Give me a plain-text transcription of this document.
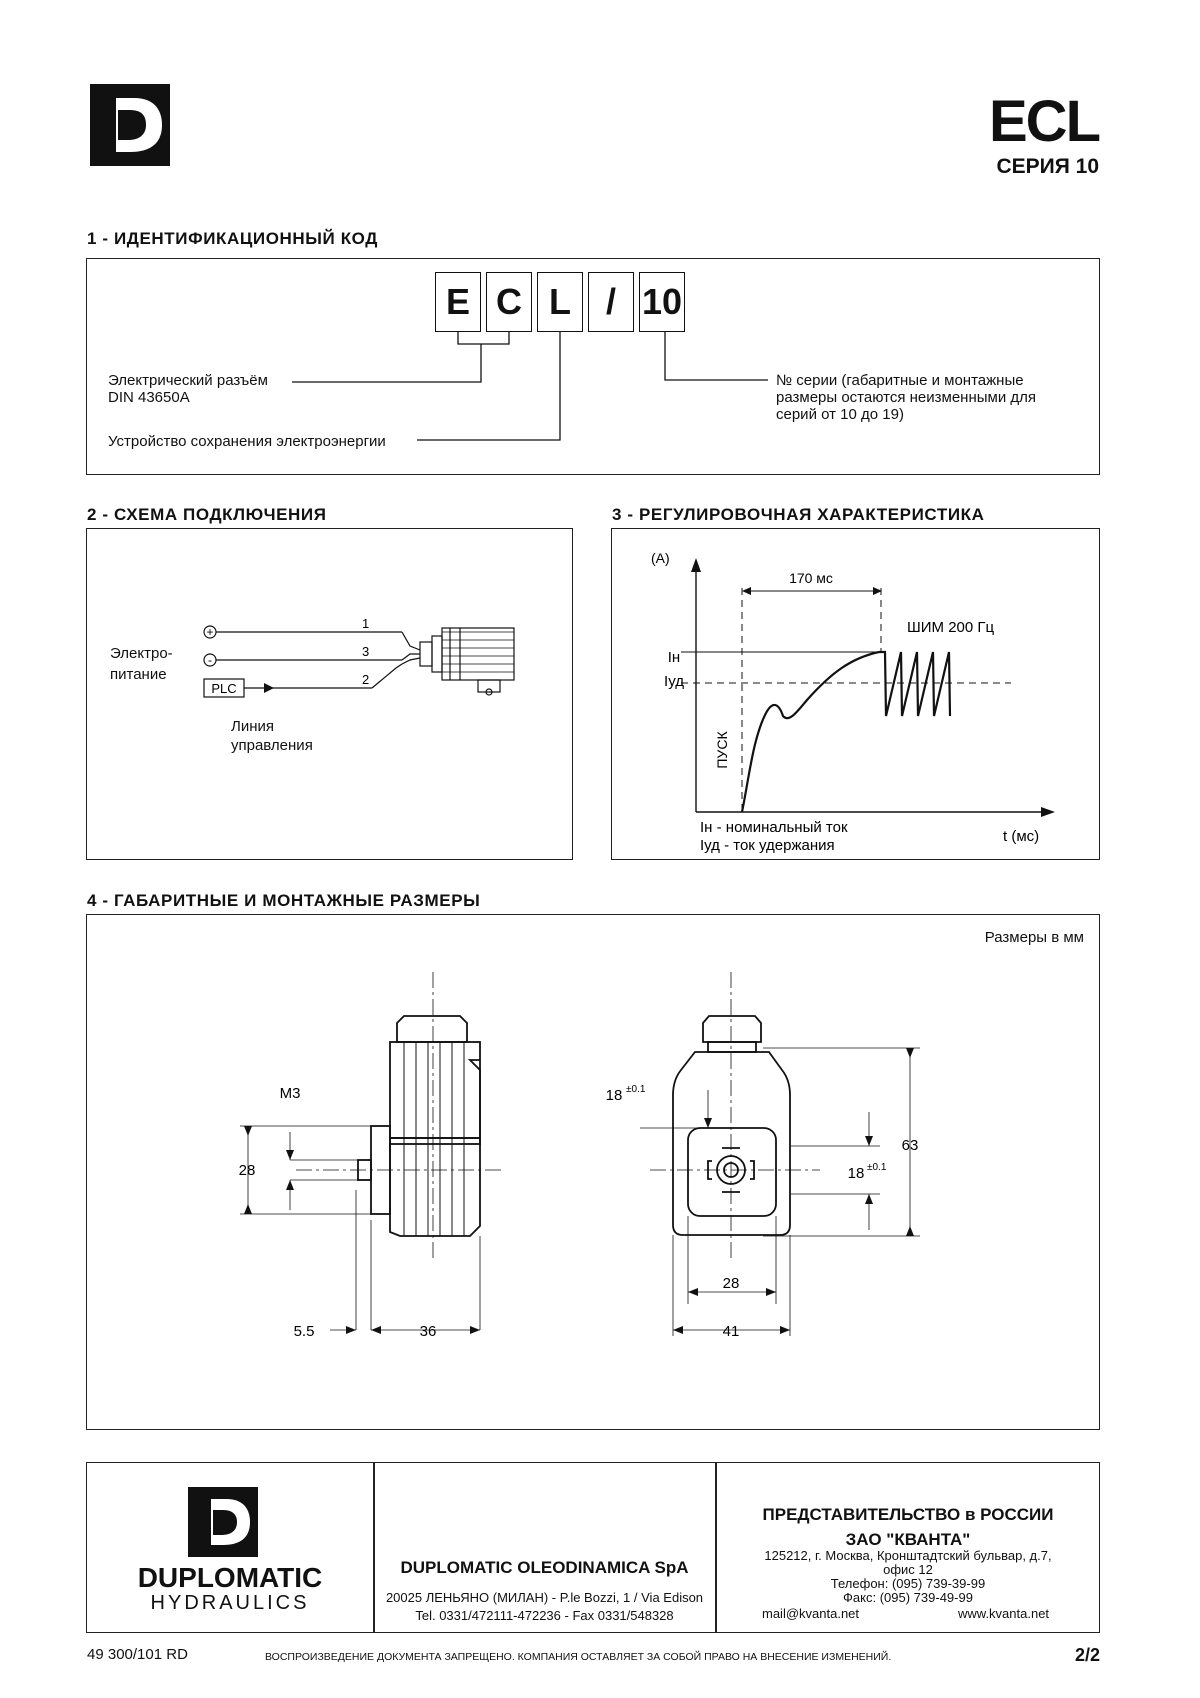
ECL
СЕРИЯ 10
1 - ИДЕНТИФИКАЦИОННЫЙ КОД
E C L / 10
Электрический разъём
DIN 43650A
Устройство сохранения электроэнергии
№ серии (габаритные и монтажные
размеры остаются неизменными для
серий от 10 до 19)
2 - СХЕМА ПОДКЛЮЧЕНИЯ
+
-
PLC
1
3
2
Электро-
питание
Линия
управления
3 - РЕГУЛИРОВОЧНАЯ ХАРАКТЕРИСТИКА
(A)
170 мс
ШИМ 200 Гц
Iн
Iуд
ПУСК
Iн - номинальный ток
Iуд - ток удержания
t (мс)
4 - ГАБАРИТНЫЕ И МОНТАЖНЫЕ РАЗМЕРЫ
Размеры в мм
M3
28
5.5	36
18 ±0.1
63
18 ±0.1
28
41
DUPLOMATIC
HYDRAULICS
DUPLOMATIC OLEODINAMICA SpA
20025 ЛЕНЬЯНО (МИЛАН) - P.le Bozzi, 1 / Via Edison
Tel. 0331/472111-472236 - Fax 0331/548328
ПРЕДСТАВИТЕЛЬСТВО в РОССИИ
ЗАО "КВАНТА"
125212, г. Москва, Кронштадтский бульвар, д.7,
офис 12
Телефон: (095) 739-39-99
Факс: (095) 739-49-99
mail@kvanta.net	www.kvanta.net
49 300/101 RD	ВОСПРОИЗВЕДЕНИЕ ДОКУМЕНТА ЗАПРЕЩЕНО. КОМПАНИЯ ОСТАВЛЯЕТ ЗА СОБОЙ ПРАВО НА ВНЕСЕНИЕ ИЗМЕНЕНИЙ.	2/2
